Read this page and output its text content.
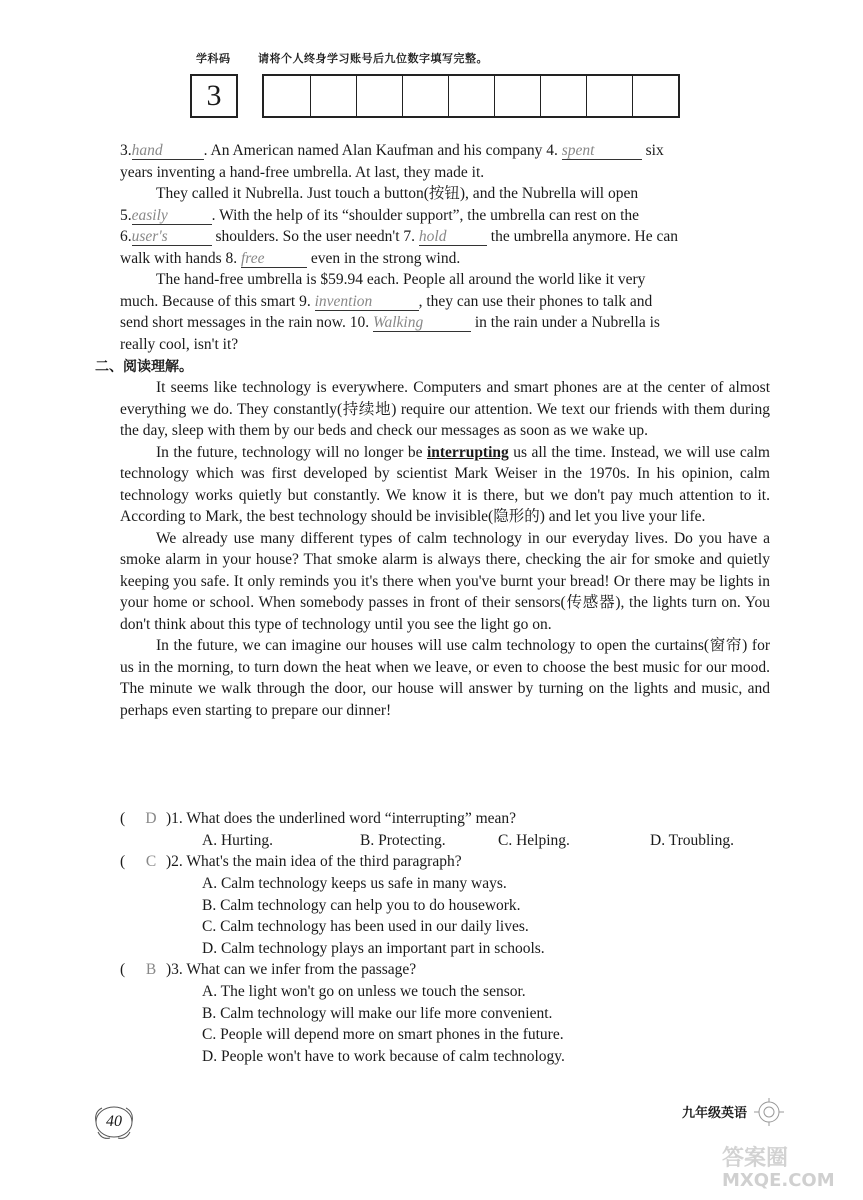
学科码	请将个人终身学习账号后九位数字填写完整。
3

3.hand	. An American named Alan Kaufman and his company 4. spent	six

years inventing a hand-free umbrella. At last, they made it.

They called it Nubrella. Just touch a button(按钮), and the Nubrella will open

5.easily	. With the help of its “shoulder support”, the umbrella can rest on the

6.user's	shoulders. So the user needn't 7. hold	the umbrella anymore. He can

walk with hands 8. free	even in the strong wind.

The hand-free umbrella is $59.94 each. People all around the world like it very

much. Because of this smart 9. invention	, they can use their phones to talk and

send short messages in the rain now. 10. Walking	in the rain under a Nubrella is

really cool, isn't it?

二、阅读理解。

It seems like technology is everywhere. Computers and smart phones are at the center of almost everything we do. They constantly(持续地) require our attention. We text our friends with them during the day, sleep with them by our beds and check our messages as soon as we wake up.

In the future, technology will no longer be interrupting us all the time. Instead, we will use calm technology which was first developed by scientist Mark Weiser in the 1970s. In his opinion, calm technology works quietly but constantly. We know it is there, but we don't pay much attention to it. According to Mark, the best technology should be invisible(隐形的) and let you live your life.

We already use many different types of calm technology in our everyday lives. Do you have a smoke alarm in your house? That smoke alarm is always there, checking the air for smoke and quietly keeping you safe. It only reminds you it's there when you've burnt your bread! Or there may be lights in your home or school. When somebody passes in front of their sensors(传感器), the lights turn on. You don't think about this type of technology until you see the light go on.

In the future, we can imagine our houses will use calm technology to open the curtains(窗帘) for us in the morning, to turn down the heat when we leave, or even to choose the best music for our mood. The minute we walk through the door, our house will answer by turning on the lights and music, and perhaps even starting to prepare our dinner!

( D )1. What does the underlined word “interrupting” mean?
A. Hurting.	B. Protecting.	C. Helping.	D. Troubling.
( C )2. What's the main idea of the third paragraph?
A. Calm technology keeps us safe in many ways.
B. Calm technology can help you to do housework.
C. Calm technology has been used in our daily lives.
D. Calm technology plays an important part in schools.
( B )3. What can we infer from the passage?
A. The light won't go on unless we touch the sensor.
B. Calm technology will make our life more convenient.
C. People will depend more on smart phones in the future.
D. People won't have to work because of calm technology.
40	九年级英语
答案圈
MXQE.COM
